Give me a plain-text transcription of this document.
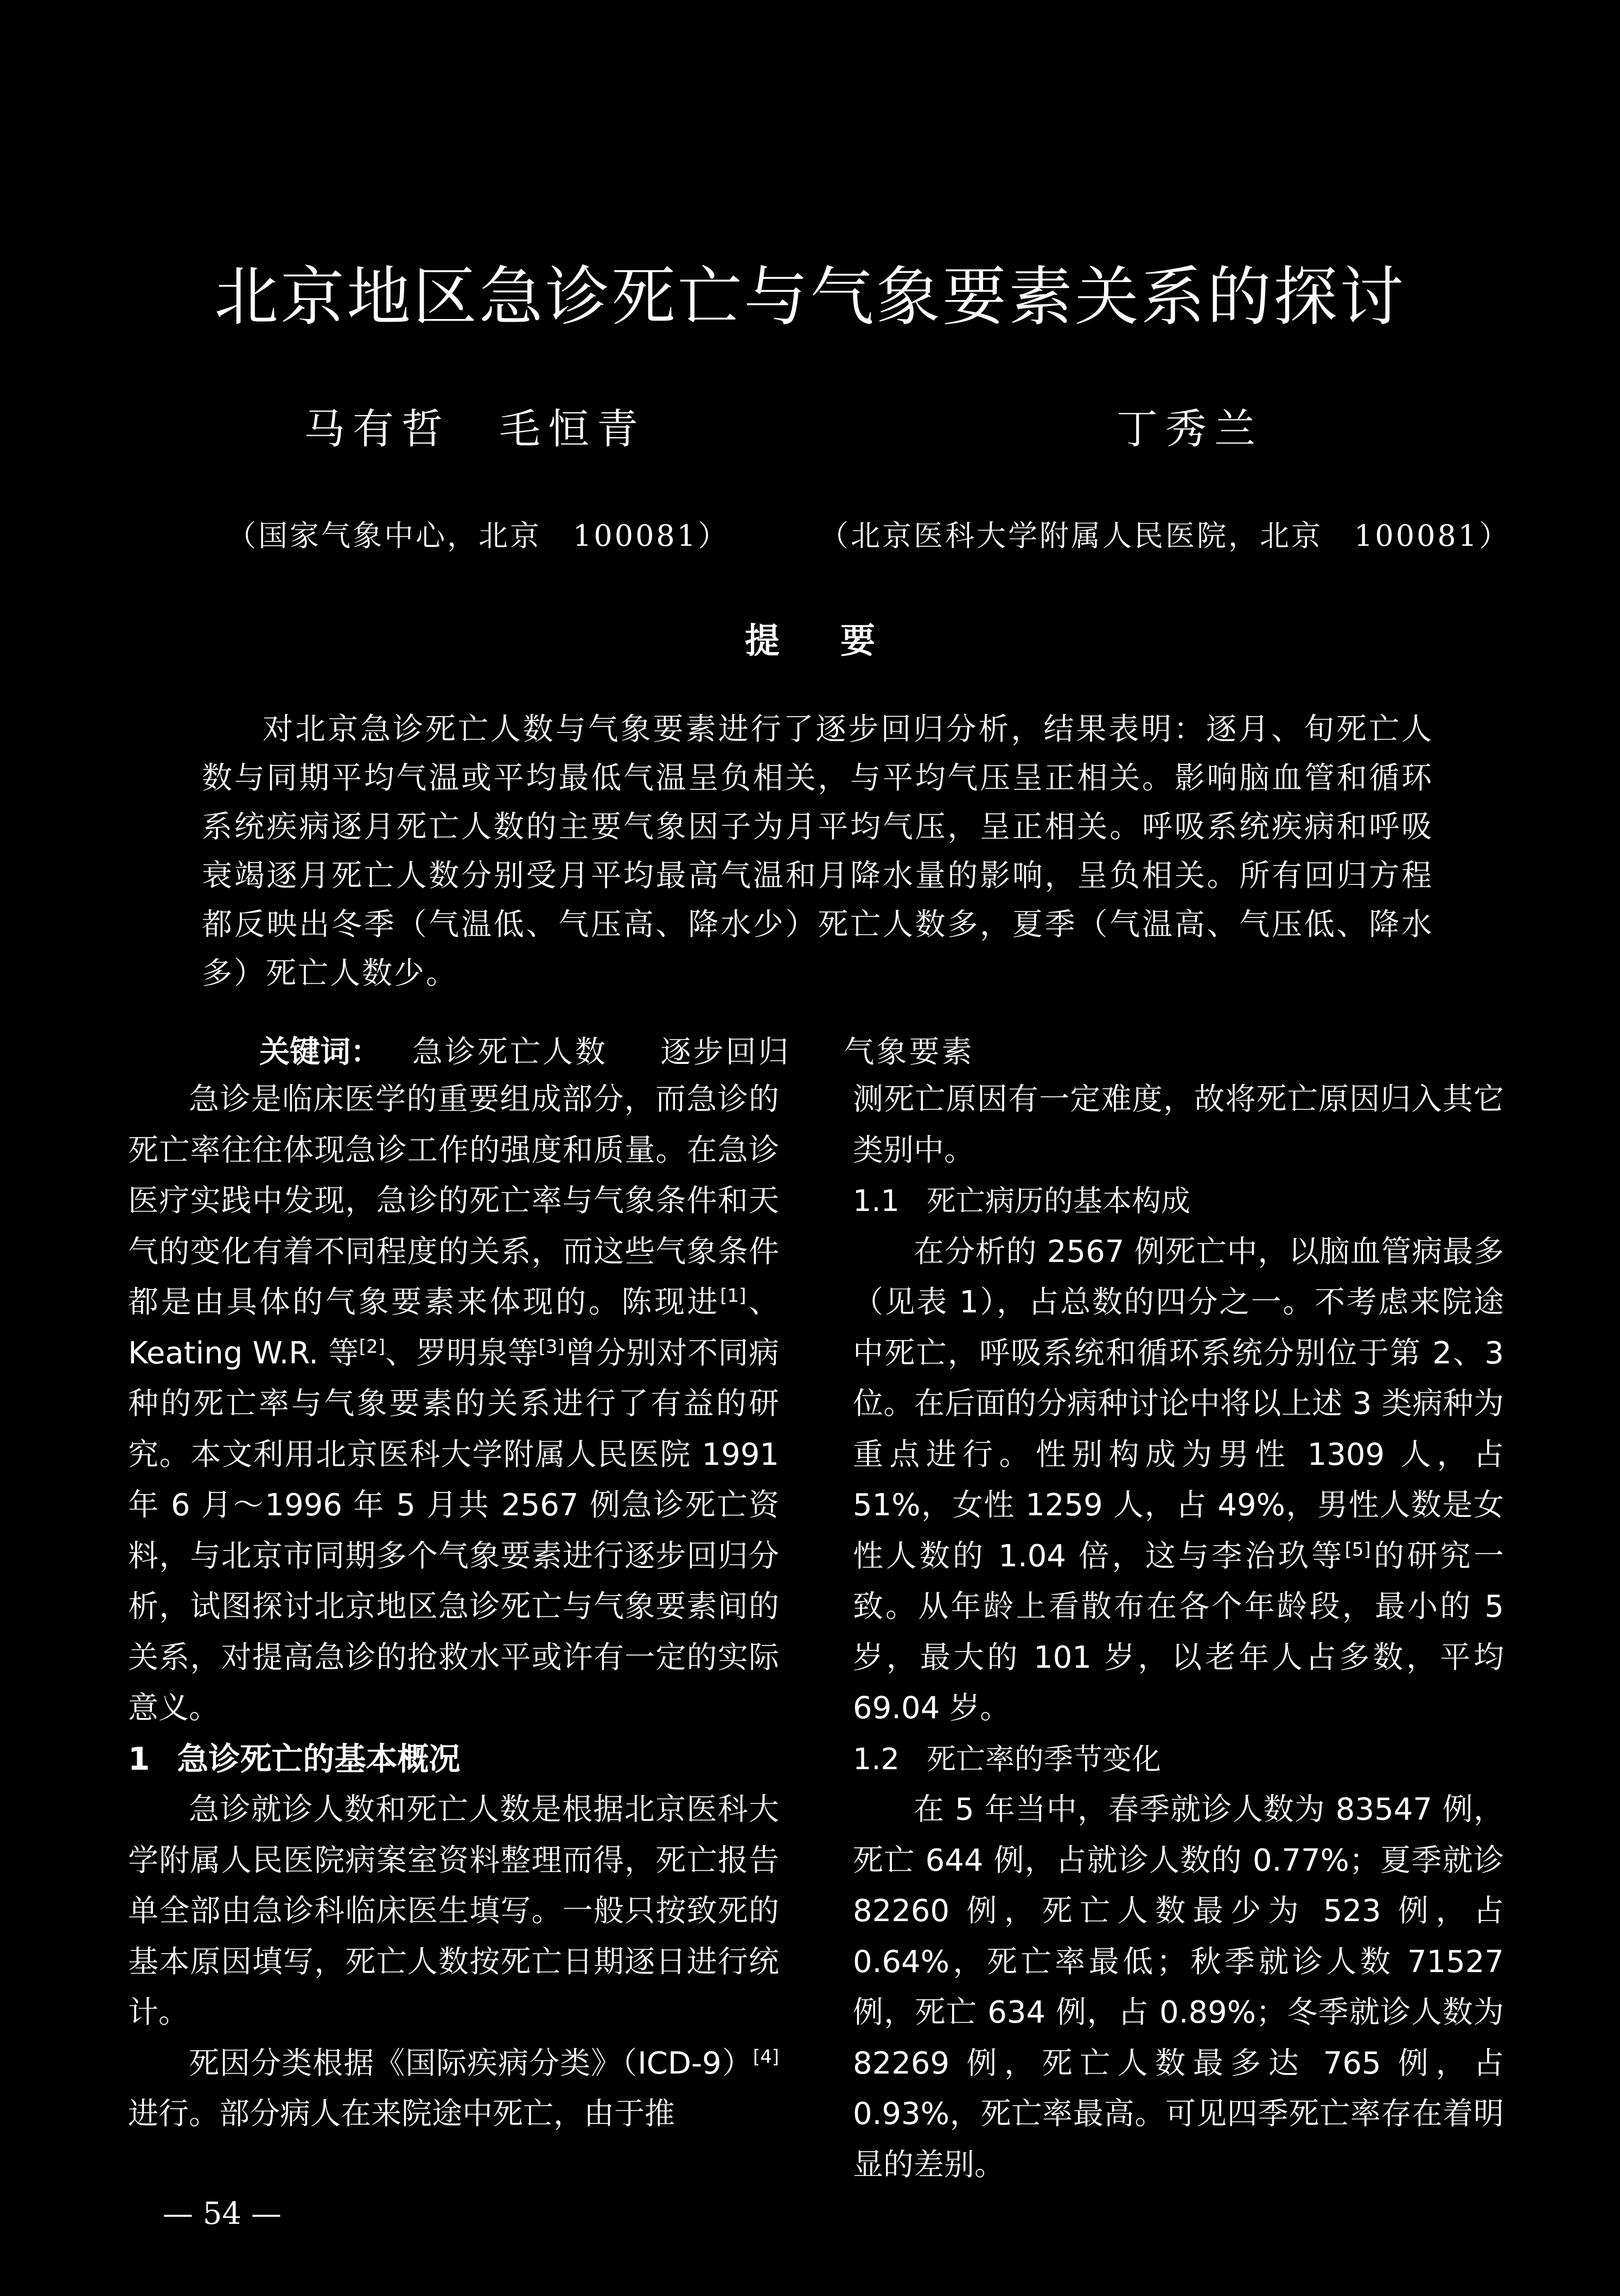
北京地区急诊死亡与气象要素关系的探讨
马有哲　毛恒青	丁秀兰
（国家气象中心，北京　100081）	（北京医科大学附属人民医院，北京　100081）
提 要

对北京急诊死亡人数与气象要素进行了逐步回归分析，结果表明：逐月、旬死亡人数与同期平均气温或平均最低气温呈负相关，与平均气压呈正相关。影响脑血管和循环系统疾病逐月死亡人数的主要气象因子为月平均气压，呈正相关。呼吸系统疾病和呼吸衰竭逐月死亡人数分别受月平均最高气温和月降水量的影响，呈负相关。所有回归方程都反映出冬季（气温低、气压高、降水少）死亡人数多，夏季（气温高、气压低、降水多）死亡人数少。

关键词： 急诊死亡人数 逐步回归 气象要素

急诊是临床医学的重要组成部分，而急诊的死亡率往往体现急诊工作的强度和质量。在急诊医疗实践中发现，急诊的死亡率与气象条件和天气的变化有着不同程度的关系，而这些气象条件都是由具体的气象要素来体现的。陈现进[1]、Keating W.R. 等[2]、罗明泉等[3]曾分别对不同病种的死亡率与气象要素的关系进行了有益的研究。本文利用北京医科大学附属人民医院 1991 年 6 月～1996 年 5 月共 2567 例急诊死亡资料，与北京市同期多个气象要素进行逐步回归分析，试图探讨北京地区急诊死亡与气象要素间的关系，对提高急诊的抢救水平或许有一定的实际意义。

1 急诊死亡的基本概况

急诊就诊人数和死亡人数是根据北京医科大学附属人民医院病案室资料整理而得，死亡报告单全部由急诊科临床医生填写。一般只按致死的基本原因填写，死亡人数按死亡日期逐日进行统计。

死因分类根据《国际疾病分类》（ICD-9）[4]进行。部分病人在来院途中死亡，由于推

测死亡原因有一定难度，故将死亡原因归入其它类别中。

1.1 死亡病历的基本构成

在分析的 2567 例死亡中，以脑血管病最多（见表 1），占总数的四分之一。不考虑来院途中死亡，呼吸系统和循环系统分别位于第 2、3 位。在后面的分病种讨论中将以上述 3 类病种为重点进行。性别构成为男性 1309 人，占 51%，女性 1259 人，占 49%，男性人数是女性人数的 1.04 倍，这与李治玖等[5]的研究一致。从年龄上看散布在各个年龄段，最小的 5 岁，最大的 101 岁，以老年人占多数，平均 69.04 岁。

1.2 死亡率的季节变化

在 5 年当中，春季就诊人数为 83547 例，死亡 644 例，占就诊人数的 0.77%；夏季就诊 82260 例，死亡人数最少为 523 例，占 0.64%，死亡率最低；秋季就诊人数 71527 例，死亡 634 例，占 0.89%；冬季就诊人数为 82269 例，死亡人数最多达 765 例，占 0.93%，死亡率最高。可见四季死亡率存在着明显的差别。

— 54 —
